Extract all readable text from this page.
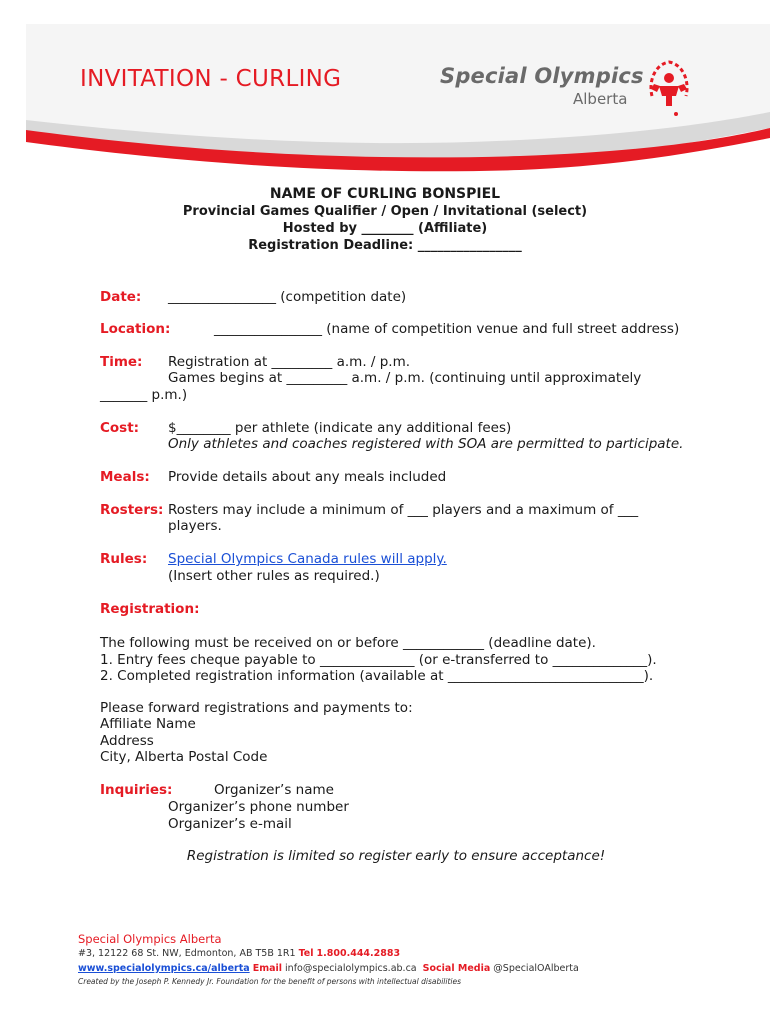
INVITATION - CURLING	Special Olympics
Alberta
NAME OF CURLING BONSPIEL
Provincial Games Qualifier / Open / Invitational (select)
Hosted by ________ (Affiliate)
Registration Deadline: ________________
Date: ________________ (competition date)
Location:	________________ (name of competition venue and full street address)
Time: Registration at _________ a.m. / p.m.
Games begins at _________ a.m. / p.m. (continuing until approximately
_______ p.m.)
Cost: $________ per athlete (indicate any additional fees)
Only athletes and coaches registered with SOA are permitted to participate.
Meals: Provide details about any meals included
Rosters: Rosters may include a minimum of ___ players and a maximum of ___
players.
Rules: Special Olympics Canada rules will apply.
(Insert other rules as required.)
Registration:
The following must be received on or before ____________ (deadline date).
1. Entry fees cheque payable to ______________ (or e-transferred to ______________).
2. Completed registration information (available at _____________________________).
Please forward registrations and payments to:
Affiliate Name
Address
City, Alberta Postal Code
Inquiries:	Organizer’s name
Organizer’s phone number
Organizer’s e-mail
Registration is limited so register early to ensure acceptance!
Special Olympics Alberta
#3, 12122 68 St. NW, Edmonton, AB T5B 1R1 Tel 1.800.444.2883
www.specialolympics.ca/alberta Email info@specialolympics.ab.ca Social Media @SpecialOAlberta
Created by the Joseph P. Kennedy Jr. Foundation for the benefit of persons with intellectual disabilities
